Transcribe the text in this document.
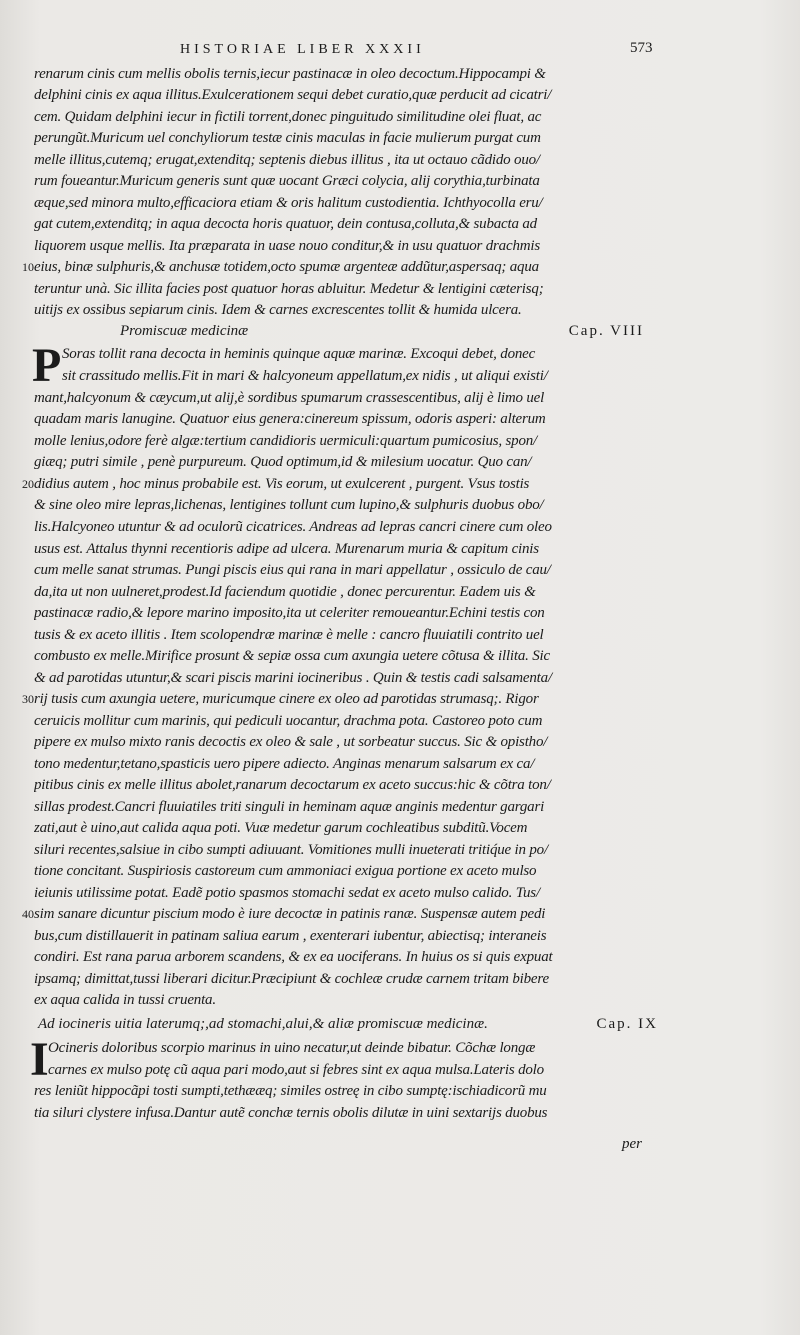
HISTORIAE LIBER XXXII	573
renarum cinis cum mellis obolis ternis,iecur pastinacæ in oleo decoctum.Hippocampi &
delphini cinis ex aqua illitus.Exulcerationem sequi debet curatio,quæ perducit ad cicatri/
cem. Quidam delphini iecur in fictili torrent,donec pinguitudo similitudine olei fluat, ac
perungũt.Muricum uel conchyliorum testæ cinis maculas in facie mulierum purgat cum
melle illitus,cutemq; erugat,extenditq; septenis diebus illitus , ita ut octauo cãdido ouo/
rum foueantur.Muricum generis sunt quæ uocant Græci colycia, alij corythia,turbinata
æque,sed minora multo,efficaciora etiam & oris halitum custodientia. Ichthyocolla eru/
gat cutem,extenditq; in aqua decocta horis quatuor, dein contusa,colluta,& subacta ad
liquorem usque mellis. Ita præparata in uase nouo conditur,& in usu quatuor drachmis
eius, binæ sulphuris,& anchusæ totidem,octo spumæ argenteæ addũtur,aspersaq; aqua
teruntur unà. Sic illita facies post quatuor horas abluitur. Medetur & lentigini cæterisq;
uitijs ex ossibus sepiarum cinis. Idem & carnes excrescentes tollit & humida ulcera.
10
Promiscuæ medicinæ	Cap. VIII
P Soras tollit rana decocta in heminis quinque aquæ marinæ. Excoqui debet, donec
sit crassitudo mellis.Fit in mari & halcyoneum appellatum,ex nidis , ut aliqui existi/
mant,halcyonum & cæycum,ut alij,è sordibus spumarum crassescentibus, alij è limo uel
quadam maris lanugine. Quatuor eius genera:cinereum spissum, odoris asperi: alterum
molle lenius,odore ferè algæ:tertium candidioris uermiculi:quartum pumicosius, spon/
giæq; putri simile , penè purpureum. Quod optimum,id & milesium uocatur. Quo can/
didius autem , hoc minus probabile est. Vis eorum, ut exulcerent , purgent. Vsus tostis
& sine oleo mire lepras,lichenas, lentigines tollunt cum lupino,& sulphuris duobus obo/
lis.Halcyoneo utuntur & ad oculorũ cicatrices. Andreas ad lepras cancri cinere cum oleo
usus est. Attalus thynni recentioris adipe ad ulcera. Murenarum muria & capitum cinis
cum melle sanat strumas. Pungi piscis eius qui rana in mari appellatur , ossiculo de cau/
da,ita ut non uulneret,prodest.Id faciendum quotidie , donec percurentur. Eadem uis &
pastinacæ radio,& lepore marino imposito,ita ut celeriter remoueantur.Echini testis con
tusis & ex aceto illitis . Item scolopendræ marinæ è melle : cancro fluuiatili contrito uel
combusto ex melle.Mirifice prosunt & sepiæ ossa cum axungia uetere cõtusa & illita. Sic
& ad parotidas utuntur,& scari piscis marini iocineribus . Quin & testis cadi salsamenta/
rij tusis cum axungia uetere, muricumque cinere ex oleo ad parotidas strumasq;. Rigor
ceruicis mollitur cum marinis, qui pediculi uocantur, drachma pota. Castoreo poto cum
pipere ex mulso mixto ranis decoctis ex oleo & sale , ut sorbeatur succus. Sic & opistho/
tono medentur,tetano,spasticis uero pipere adiecto. Anginas menarum salsarum ex ca/
pitibus cinis ex melle illitus abolet,ranarum decoctarum ex aceto succus:hic & cõtra ton/
sillas prodest.Cancri fluuiatiles triti singuli in heminam aquæ anginis medentur gargari
zati,aut è uino,aut calida aqua poti. Vuæ medetur garum cochleatibus subditũ.Vocem
siluri recentes,salsiue in cibo sumpti adiuuant. Vomitiones mulli inueterati tritiq́ue in po/
tione concitant. Suspiriosis castoreum cum ammoniaci exigua portione ex aceto mulso
ieiunis utilissime potat. Eadẽ potio spasmos stomachi sedat ex aceto mulso calido. Tus/
sim sanare dicuntur piscium modo è iure decoctæ in patinis ranæ. Suspensæ autem pedi
bus,cum distillauerit in patinam saliua earum , exenterari iubentur, abiectisq; interaneis
condiri. Est rana parua arborem scandens, & ex ea uociferans. In huius os si quis expuat
ipsamq; dimittat,tussi liberari dicitur.Præcipiunt & cochleæ crudæ carnem tritam bibere
ex aqua calida in tussi cruenta.
20
30
40
Ad iocineris uitia laterumq;,ad stomachi,alui,& aliæ promiscuæ medicinæ.	Cap. IX
I Ocineris doloribus scorpio marinus in uino necatur,ut deinde bibatur. Cõchæ longæ
carnes ex mulso potę cũ aqua pari modo,aut si febres sint ex aqua mulsa.Lateris dolo
res leniũt hippocãpi tosti sumpti,tethææq; similes ostreę in cibo sumptę:ischiadicorũ mu
tia siluri clystere infusa.Dantur autẽ conchæ ternis obolis dilutæ in uini sextarijs duobus
per
